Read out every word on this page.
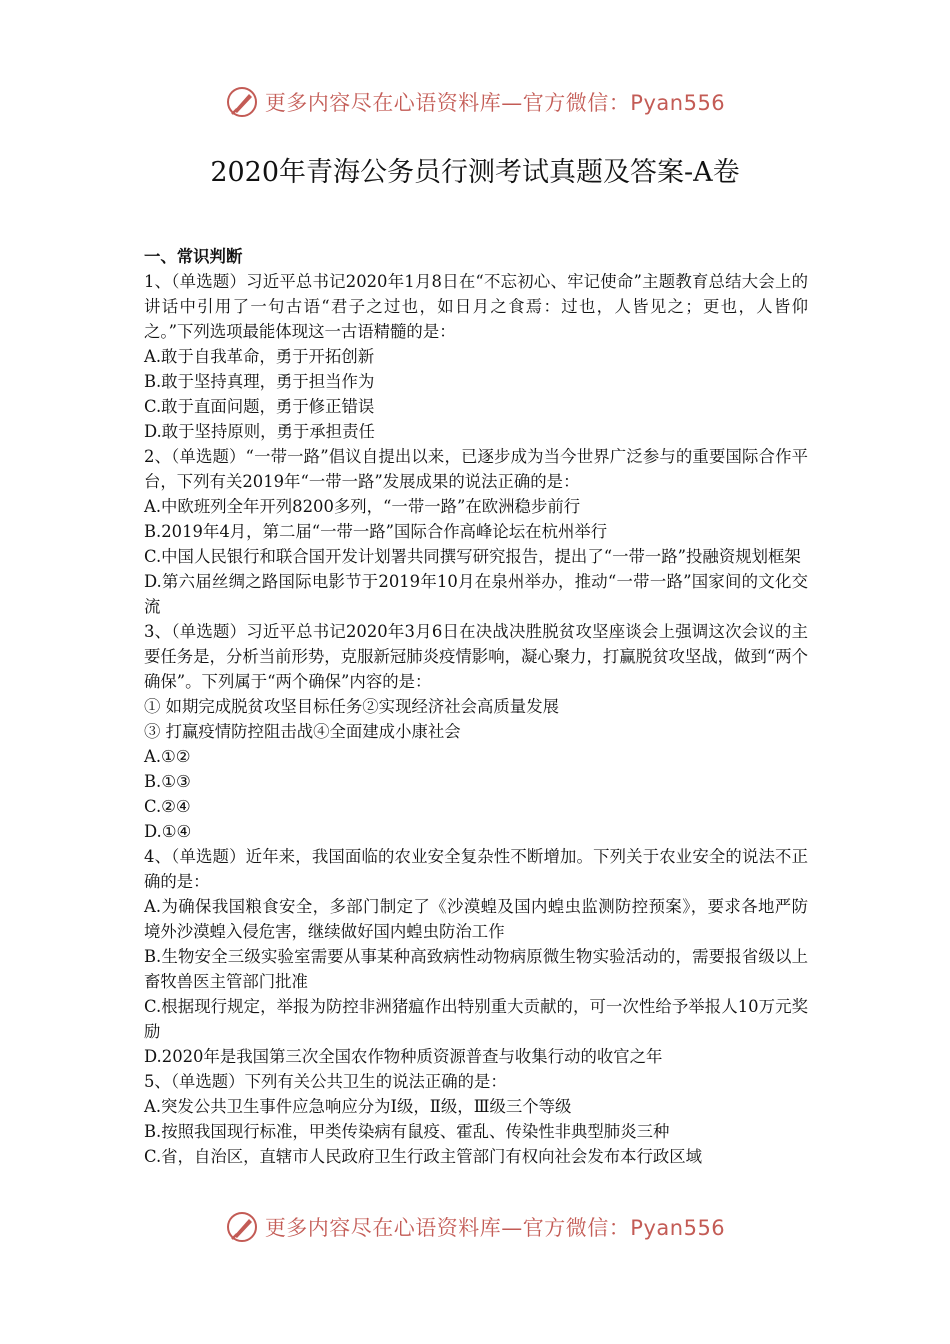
更多内容尽在心语资料库—官方微信：Pyan556
2020年青海公务员行测考试真题及答案-A卷

一、常识判断

1、（单选题）习近平总书记2020年1月8日在“不忘初心、牢记使命”主题教育总结大会上的讲话中引用了一句古语“君子之过也，如日月之食焉：过也，人皆见之；更也，人皆仰之。”下列选项最能体现这一古语精髓的是：

A.敢于自我革命，勇于开拓创新

B.敢于坚持真理，勇于担当作为

C.敢于直面问题，勇于修正错误

D.敢于坚持原则，勇于承担责任

2、（单选题）“一带一路”倡议自提出以来，已逐步成为当今世界广泛参与的重要国际合作平台，下列有关2019年“一带一路”发展成果的说法正确的是：

A.中欧班列全年开列8200多列，“一带一路”在欧洲稳步前行

B.2019年4月，第二届“一带一路”国际合作高峰论坛在杭州举行

C.中国人民银行和联合国开发计划署共同撰写研究报告，提出了“一带一路”投融资规划框架

D.第六届丝绸之路国际电影节于2019年10月在泉州举办，推动“一带一路”国家间的文化交流

3、（单选题）习近平总书记2020年3月6日在决战决胜脱贫攻坚座谈会上强调这次会议的主要任务是，分析当前形势，克服新冠肺炎疫情影响，凝心聚力，打赢脱贫攻坚战，做到“两个确保”。下列属于“两个确保”内容的是：

① 如期完成脱贫攻坚目标任务②实现经济社会高质量发展

③ 打赢疫情防控阻击战④全面建成小康社会

A.①②

B.①③

C.②④

D.①④

4、（单选题）近年来，我国面临的农业安全复杂性不断增加。下列关于农业安全的说法不正确的是：

A.为确保我国粮食安全，多部门制定了《沙漠蝗及国内蝗虫监测防控预案》，要求各地严防境外沙漠蝗入侵危害，继续做好国内蝗虫防治工作

B.生物安全三级实验室需要从事某种高致病性动物病原微生物实验活动的，需要报省级以上畜牧兽医主管部门批准

C.根据现行规定，举报为防控非洲猪瘟作出特别重大贡献的，可一次性给予举报人10万元奖励

D.2020年是我国第三次全国农作物种质资源普查与收集行动的收官之年

5、（单选题）下列有关公共卫生的说法正确的是：

A.突发公共卫生事件应急响应分为Ⅰ级，Ⅱ级，Ⅲ级三个等级

B.按照我国现行标准，甲类传染病有鼠疫、霍乱、传染性非典型肺炎三种

C.省，自治区，直辖市人民政府卫生行政主管部门有权向社会发布本行政区域

更多内容尽在心语资料库—官方微信：Pyan556
